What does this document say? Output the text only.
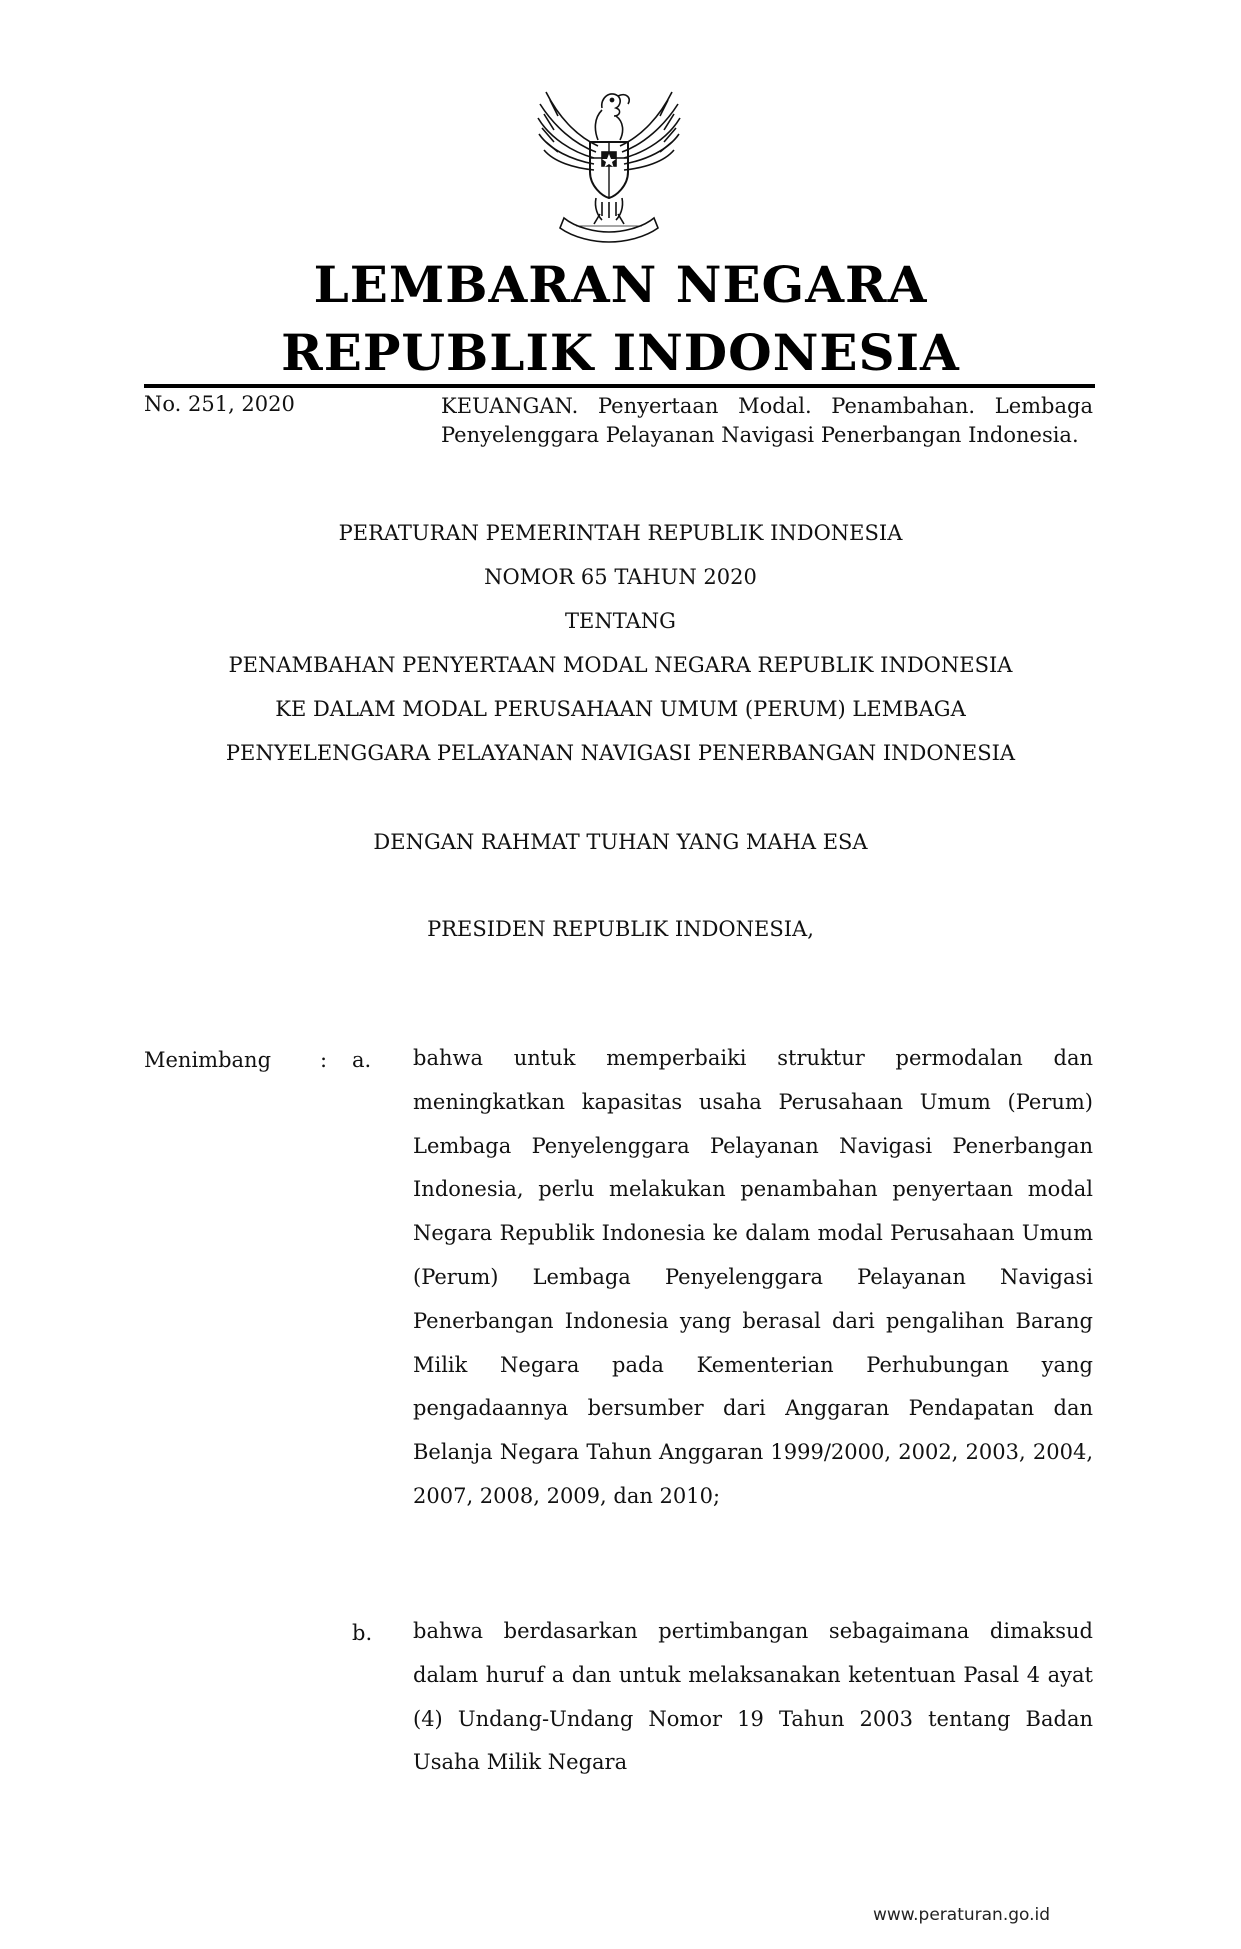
LEMBARAN NEGARA
REPUBLIK INDONESIA
No. 251, 2020	KEUANGAN. Penyertaan Modal. Penambahan. Lembaga Penyelenggara Pelayanan Navigasi Penerbangan Indonesia.
PERATURAN PEMERINTAH REPUBLIK INDONESIA
NOMOR 65 TAHUN 2020
TENTANG
PENAMBAHAN PENYERTAAN MODAL NEGARA REPUBLIK INDONESIA
KE DALAM MODAL PERUSAHAAN UMUM (PERUM) LEMBAGA
PENYELENGGARA PELAYANAN NAVIGASI PENERBANGAN INDONESIA
DENGAN RAHMAT TUHAN YANG MAHA ESA
PRESIDEN REPUBLIK INDONESIA,
Menimbang : a. bahwa untuk memperbaiki struktur permodalan dan meningkatkan kapasitas usaha Perusahaan Umum (Perum) Lembaga Penyelenggara Pelayanan Navigasi Penerbangan Indonesia, perlu melakukan penambahan penyertaan modal Negara Republik Indonesia ke dalam modal Perusahaan Umum (Perum) Lembaga Penyelenggara Pelayanan Navigasi Penerbangan Indonesia yang berasal dari pengalihan Barang Milik Negara pada Kementerian Perhubungan yang pengadaannya bersumber dari Anggaran Pendapatan dan Belanja Negara Tahun Anggaran 1999/2000, 2002, 2003, 2004, 2007, 2008, 2009, dan 2010;
b. bahwa berdasarkan pertimbangan sebagaimana dimaksud dalam huruf a dan untuk melaksanakan ketentuan Pasal 4 ayat (4) Undang-Undang Nomor 19 Tahun 2003 tentang Badan Usaha Milik Negara
www.peraturan.go.id
